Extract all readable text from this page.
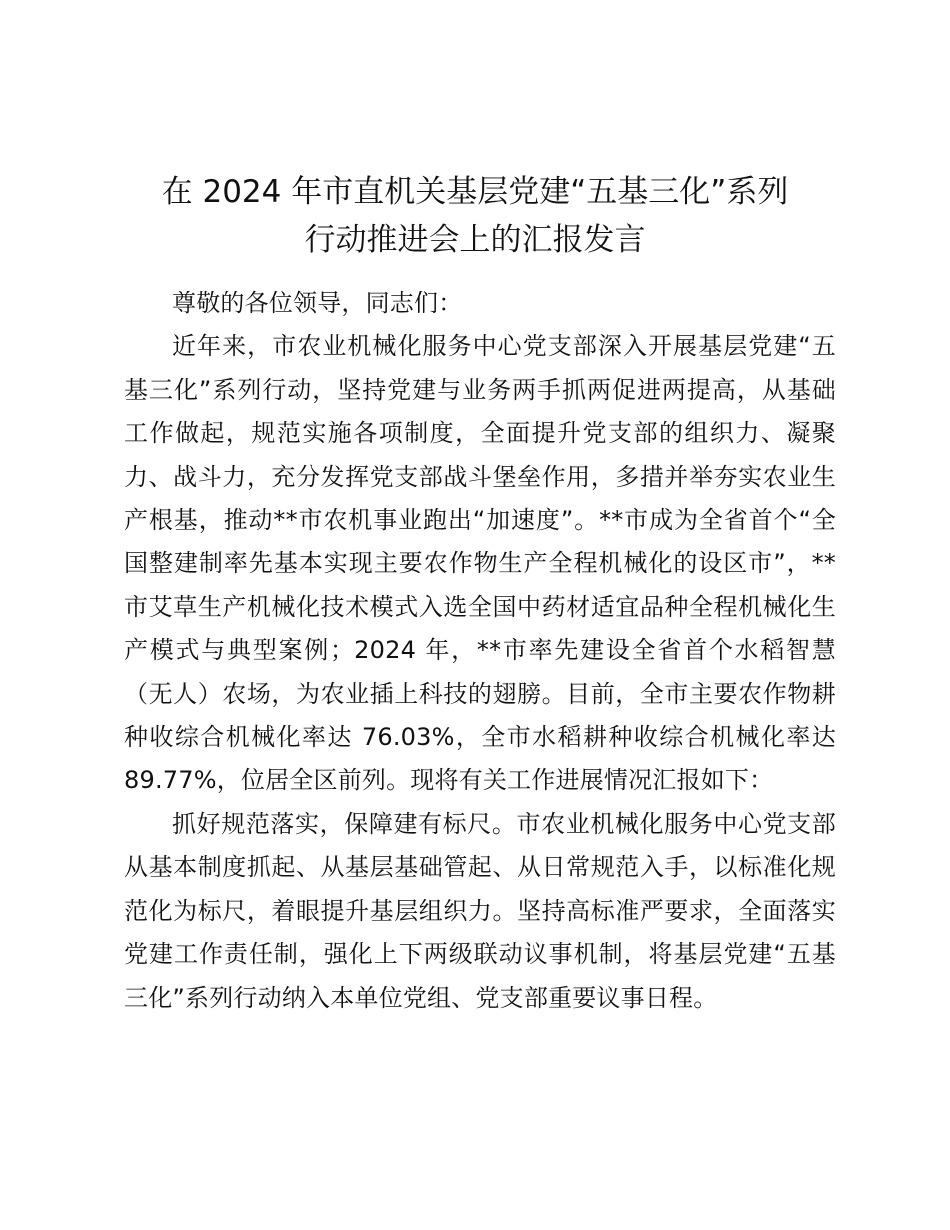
在 2024 年市直机关基层党建“五基三化”系列
行动推进会上的汇报发言

尊敬的各位领导，同志们：

近年来，市农业机械化服务中心党支部深入开展基层党建“五基三化”系列行动，坚持党建与业务两手抓两促进两提高，从基础工作做起，规范实施各项制度，全面提升党支部的组织力、凝聚力、战斗力，充分发挥党支部战斗堡垒作用，多措并举夯实农业生产根基，推动**市农机事业跑出“加速度”。**市成为全省首个“全国整建制率先基本实现主要农作物生产全程机械化的设区市”，**市艾草生产机械化技术模式入选全国中药材适宜品种全程机械化生产模式与典型案例；2024 年，**市率先建设全省首个水稻智慧（无人）农场，为农业插上科技的翅膀。目前，全市主要农作物耕种收综合机械化率达 76.03%，全市水稻耕种收综合机械化率达 89.77%，位居全区前列。现将有关工作进展情况汇报如下：

抓好规范落实，保障建有标尺。市农业机械化服务中心党支部从基本制度抓起、从基层基础管起、从日常规范入手，以标准化规范化为标尺，着眼提升基层组织力。坚持高标准严要求，全面落实党建工作责任制，强化上下两级联动议事机制，将基层党建“五基三化”系列行动纳入本单位党组、党支部重要议事日程。
